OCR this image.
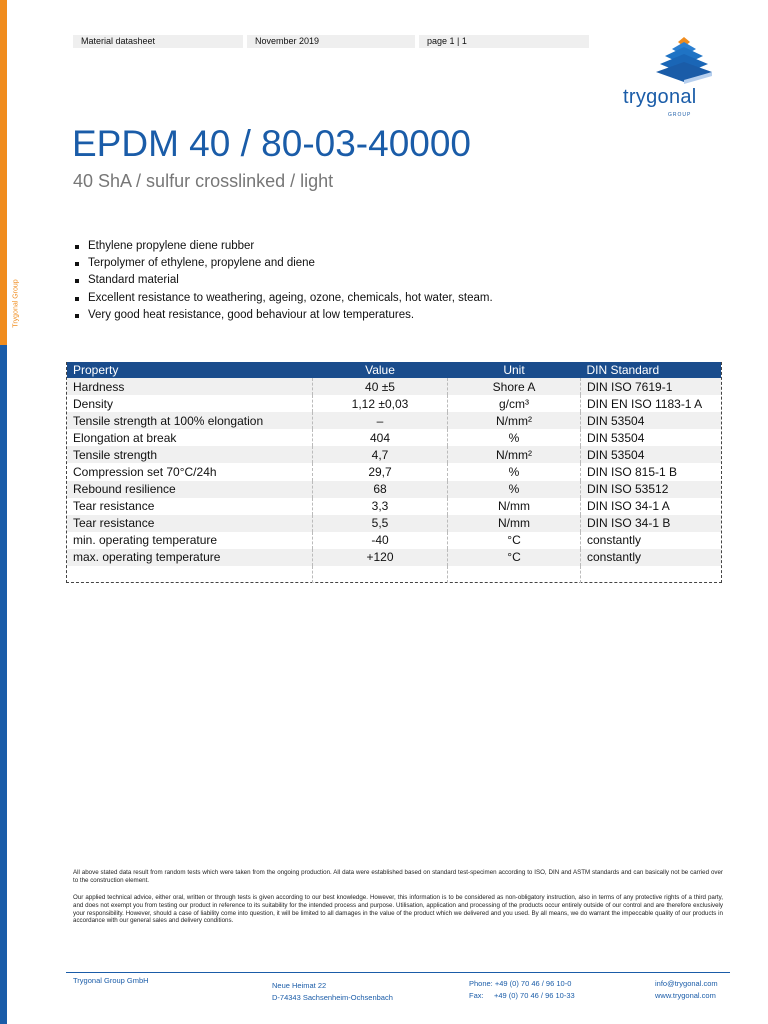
Trygonal Group
Material datasheet	November 2019	page 1 | 1
trygonal
GROUP
EPDM 40 / 80-03-40000
40 ShA / sulfur crosslinked / light
Ethylene propylene diene rubber
Terpolymer of ethylene, propylene and diene
Standard material
Excellent resistance to weathering, ageing, ozone, chemicals, hot water, steam.
Very good heat resistance, good behaviour at low temperatures.
Property	Value	Unit	DIN Standard
Hardness	40 ±5	Shore A	DIN ISO 7619-1
Density	1,12 ±0,03	g/cm³	DIN EN ISO 1183-1 A
Tensile strength at 100% elongation	–	N/mm²	DIN 53504
Elongation at break	404	%	DIN 53504
Tensile strength	4,7	N/mm²	DIN 53504
Compression set 70°C/24h	29,7	%	DIN ISO 815-1 B
Rebound resilience	68	%	DIN ISO 53512
Tear resistance	3,3	N/mm	DIN ISO 34-1 A
Tear resistance	5,5	N/mm	DIN ISO 34-1 B
min. operating temperature	-40	°C	constantly
max. operating temperature	+120	°C	constantly

All above stated data result from random tests which were taken from the ongoing production. All data were established based on standard test-specimen according to ISO, DIN and ASTM standards and can basically not be carried over to the construction element.

Our applied technical advice, either oral, written or through tests is given according to our best knowledge. However, this information is to be considered as non-obligatory instruction, also in terms of any protective rights of a third party, and does not exempt you from testing our product in reference to its suitability for the intended process and purpose. Utilisation, application and processing of the products occur entirely outside of our control and are therefore exclusively your responsibility. However, should a case of liability come into question, it will be limited to all damages in the value of the product which we delivered and you used. By all means, we do warrant the impeccable quality of our products in accordance with our general sales and delivery conditions.

Trygonal Group GmbH
Neue Heimat 22
D-74343 Sachsenheim-Ochsenbach
Phone: +49 (0) 70 46 / 96 10-0
Fax:     +49 (0) 70 46 / 96 10-33
info@trygonal.com
www.trygonal.com
